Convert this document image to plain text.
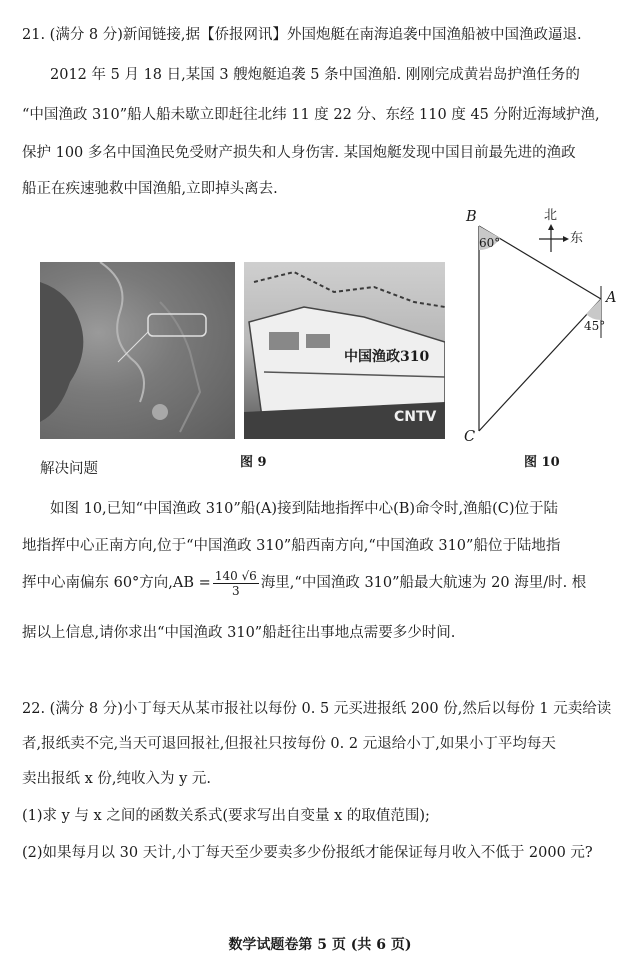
21. (满分 8 分)新闻链接,据【侨报网讯】外国炮艇在南海追袭中国渔船被中国渔政逼退.
2012 年 5 月 18 日,某国 3 艘炮艇追袭 5 条中国渔船. 刚刚完成黄岩岛护渔任务的
“中国渔政 310”船人船未歇立即赶往北纬 11 度 22 分、东经 110 度 45 分附近海域护渔,
保护 100 多名中国渔民免受财产损失和人身伤害. 某国炮艇发现中国目前最先进的渔政
船正在疾速驰救中国渔船,立即掉头离去.
中国渔政310
CNTV
B
60°
北
东
A
45°
C
图 9	图 10
解决问题
如图 10,已知“中国渔政 310”船(A)接到陆地指挥中心(B)命令时,渔船(C)位于陆
地指挥中心正南方向,位于“中国渔政 310”船西南方向,“中国渔政 310”船位于陆地指
挥中心南偏东 60°方向$,AB = \frac{140 √6}{3}$ 海里,“中国渔政 310”船最大航速为 20 海里/时. 根
据以上信息,请你求出“中国渔政 310”船赶往出事地点需要多少时间.
22. (满分 8 分)小丁每天从某市报社以每份 0. 5 元买进报纸 200 份,然后以每份 1 元卖给读
者,报纸卖不完,当天可退回报社,但报社只按每份 0. 2 元退给小丁,如果小丁平均每天
卖出报纸 x 份,纯收入为 y 元.
(1)求 y 与 x 之间的函数关系式(要求写出自变量 x 的取值范围);
(2)如果每月以 30 天计,小丁每天至少要卖多少份报纸才能保证每月收入不低于 2000 元?
数学试题卷第 5 页 (共 6 页)
